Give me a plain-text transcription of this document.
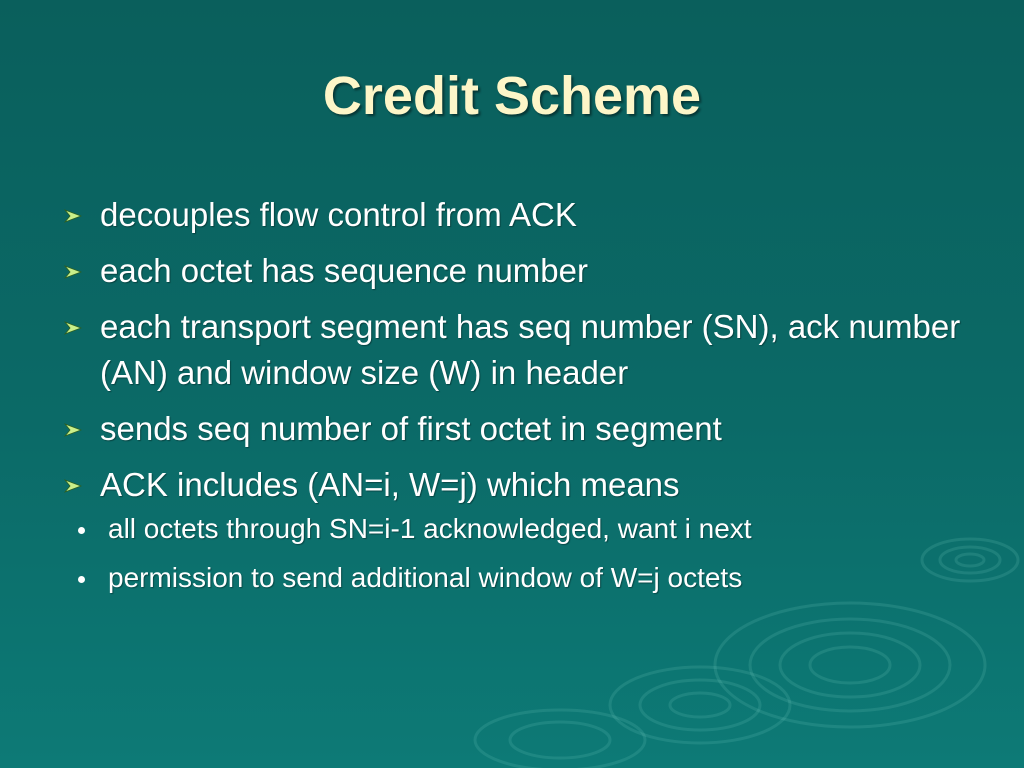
Credit Scheme
decouples flow control from ACK
each octet has sequence number
each transport segment has seq number (SN), ack number (AN) and window size (W) in header
sends seq number of first octet in segment
ACK includes (AN=i, W=j) which means
all octets through SN=i-1 acknowledged, want i next
permission to send additional window of W=j octets
